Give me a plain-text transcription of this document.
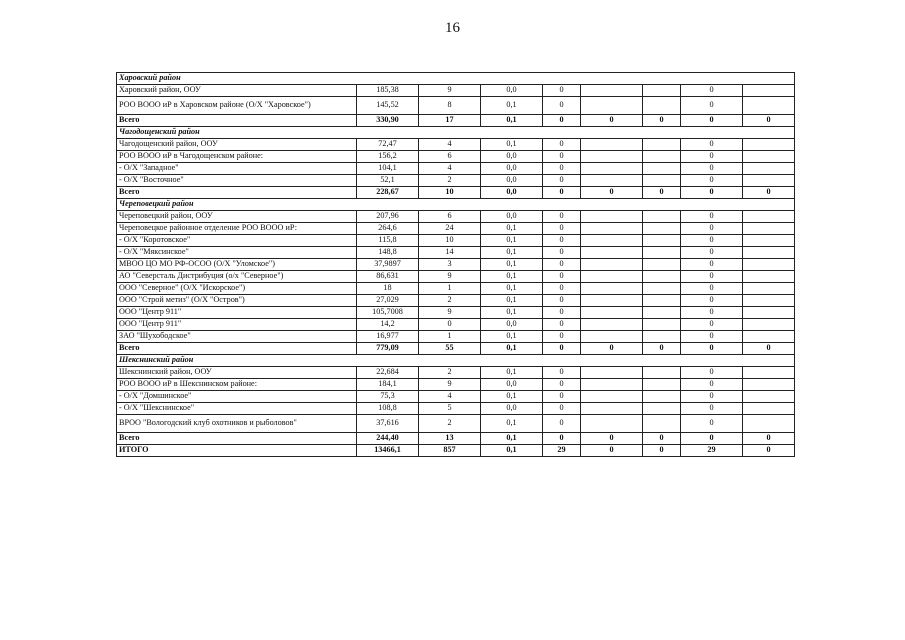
16
Харовский район								
Харовский район, ООУ	185,38	9	0,0	0			0	
РОО ВООО иР в Харовском районе (О/Х "Харовское")	145,52	8	0,1	0			0	
Всего	330,90	17	0,1	0	0	0	0	0
Чагодощенский район								
Чагодощенский район, ООУ	72,47	4	0,1	0			0	
РОО ВООО иР в Чагодощенском районе:	156,2	6	0,0	0			0	
- О/Х "Западное"	104,1	4	0,0	0			0	
- О/Х "Восточное"	52,1	2	0,0	0			0	
Всего	228,67	10	0,0	0	0	0	0	0
Череповецкий район								
Череповецкий район, ООУ	207,96	6	0,0	0			0	
Череповецкое районное отделение РОО ВООО иР:	264,6	24	0,1	0			0	
- О/Х "Коротовское"	115,8	10	0,1	0			0	
- О/Х "Мяксинское"	148,8	14	0,1	0			0	
МВОО ЦО МО РФ-ОСОО (О/Х "Уломское")	37,9897	3	0,1	0			0	
АО "Северсталь Дистрибуция (о/х "Северное")	86,631	9	0,1	0			0	
ООО "Северное" (О/Х "Искорское")	18	1	0,1	0			0	
ООО "Строй метиз" (О/Х "Остров")	27,029	2	0,1	0			0	
ООО "Центр 911"	105,7008	9	0,1	0			0	
ООО "Центр 911"	14,2	0	0,0	0			0	
ЗАО "Шухободское"	16,977	1	0,1	0			0	
Всего	779,09	55	0,1	0	0	0	0	0
Шекснинский район								
Шекснинский район, ООУ	22,684	2	0,1	0			0	
РОО ВООО иР в Шекснинском районе:	184,1	9	0,0	0			0	
- О/Х "Домшинское"	75,3	4	0,1	0			0	
- О/Х "Шекснинское"	108,8	5	0,0	0			0	
ВРОО "Вологодский клуб охотников и рыболовов"	37,616	2	0,1	0			0	
Всего	244,40	13	0,1	0	0	0	0	0
ИТОГО	13466,1	857	0,1	29	0	0	29	0
